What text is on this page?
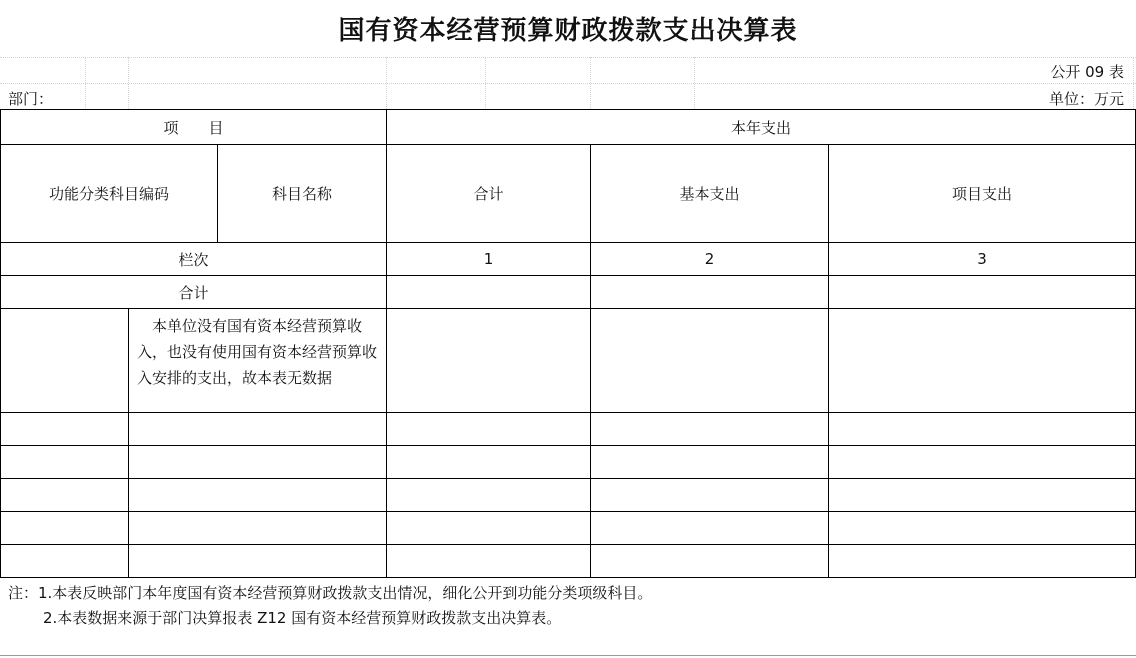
国有资本经营预算财政拨款支出决算表
公开 09 表
部门：	单位：万元
项　　目			本年支出		
功能分类科目编码		科目名称	合计	基本支出	项目支出
栏次			1	2	3
合计					
	　本单位没有国有资本经营预算收入，也没有使用国有资本经营预算收入安排的支出，故本表无数据				

注：1.本表反映部门本年度国有资本经营预算财政拨款支出情况，细化公开到功能分类项级科目。
2.本表数据来源于部门决算报表 Z12 国有资本经营预算财政拨款支出决算表。
